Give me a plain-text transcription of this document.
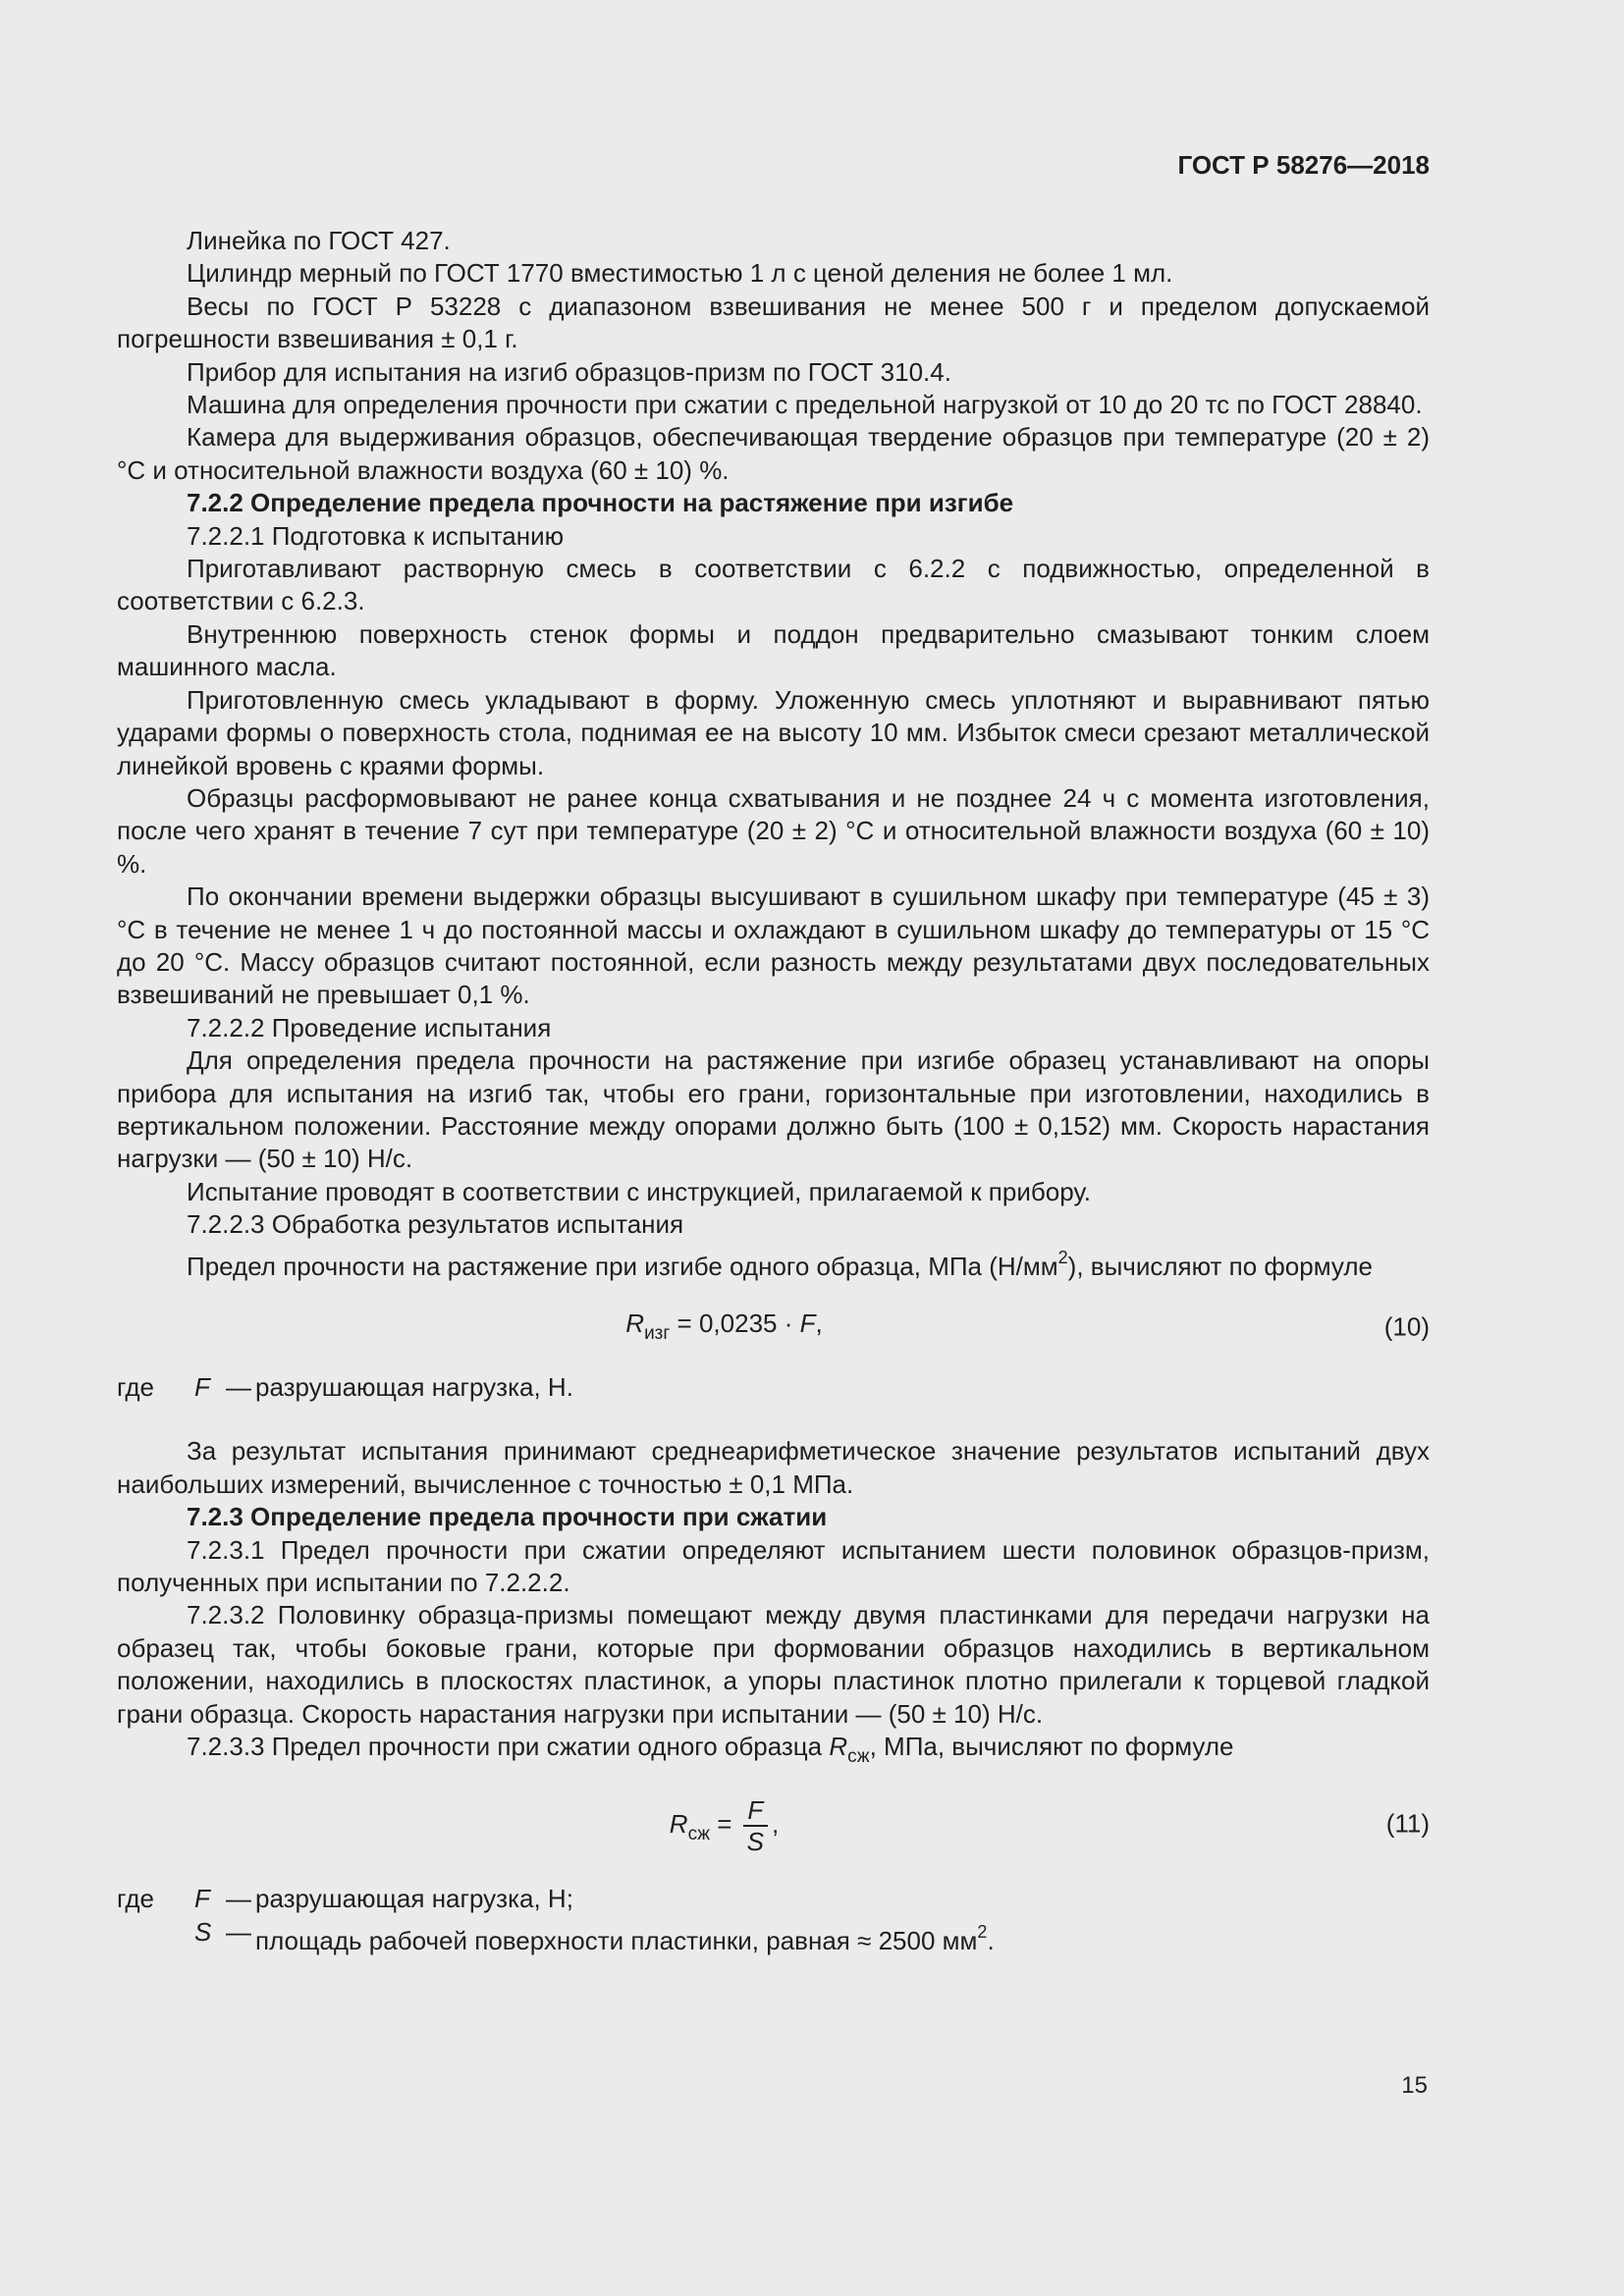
ГОСТ Р 58276—2018

Линейка по ГОСТ 427.

Цилиндр мерный по ГОСТ 1770 вместимостью 1 л с ценой деления не более 1 мл.

Весы по ГОСТ Р 53228 с диапазоном взвешивания не менее 500 г и пределом допускаемой погрешности взвешивания ± 0,1 г.

Прибор для испытания на изгиб образцов-призм по ГОСТ 310.4.

Машина для определения прочности при сжатии с предельной нагрузкой от 10 до 20 тс по ГОСТ 28840.

Камера для выдерживания образцов, обеспечивающая твердение образцов при температуре (20 ± 2) °С и относительной влажности воздуха (60 ± 10) %.

7.2.2 Определение предела прочности на растяжение при изгибе

7.2.2.1 Подготовка к испытанию

Приготавливают растворную смесь в соответствии с 6.2.2 с подвижностью, определенной в соответствии с 6.2.3.

Внутреннюю поверхность стенок формы и поддон предварительно смазывают тонким слоем машинного масла.

Приготовленную смесь укладывают в форму. Уложенную смесь уплотняют и выравнивают пятью ударами формы о поверхность стола, поднимая ее на высоту 10 мм. Избыток смеси срезают металлической линейкой вровень с краями формы.

Образцы расформовывают не ранее конца схватывания и не позднее 24 ч с момента изготовления, после чего хранят в течение 7 сут при температуре (20 ± 2) °С и относительной влажности воздуха (60 ± 10) %.

По окончании времени выдержки образцы высушивают в сушильном шкафу при температуре (45 ± 3) °С в течение не менее 1 ч до постоянной массы и охлаждают в сушильном шкафу до температуры от 15 °С до 20 °С. Массу образцов считают постоянной, если разность между результатами двух последовательных взвешиваний не превышает 0,1 %.

7.2.2.2 Проведение испытания

Для определения предела прочности на растяжение при изгибе образец устанавливают на опоры прибора для испытания на изгиб так, чтобы его грани, горизонтальные при изготовлении, находились в вертикальном положении. Расстояние между опорами должно быть (100 ± 0,152) мм. Скорость нарастания нагрузки — (50 ± 10) Н/с.

Испытание проводят в соответствии с инструкцией, прилагаемой к прибору.

7.2.2.3 Обработка результатов испытания

Предел прочности на растяжение при изгибе одного образца, МПа $(Н/мм^2)$, вычисляют по формуле

$R_{изг} = 0,0235 \cdot F$,	(10)
где	F — разрушающая нагрузка, Н.

За результат испытания принимают среднеарифметическое значение результатов испытаний двух наибольших измерений, вычисленное с точностью ± 0,1 МПа.

7.2.3 Определение предела прочности при сжатии

7.2.3.1 Предел прочности при сжатии определяют испытанием шести половинок образцов-призм, полученных при испытании по 7.2.2.2.

7.2.3.2 Половинку образца-призмы помещают между двумя пластинками для передачи нагрузки на образец так, чтобы боковые грани, которые при формовании образцов находились в вертикальном положении, находились в плоскостях пластинок, а упоры пластинок плотно прилегали к торцевой гладкой грани образца. Скорость нарастания нагрузки при испытании — (50 ± 10) Н/с.

7.2.3.3 Предел прочности при сжатии одного образца $R_{сж}$, МПа, вычисляют по формуле

$R_{сж} = \frac{F}{S}$ ,	(11)
где	F — разрушающая нагрузка, Н;
S — площадь рабочей поверхности пластинки, равная ≈ 2500 $мм^2$.
15
